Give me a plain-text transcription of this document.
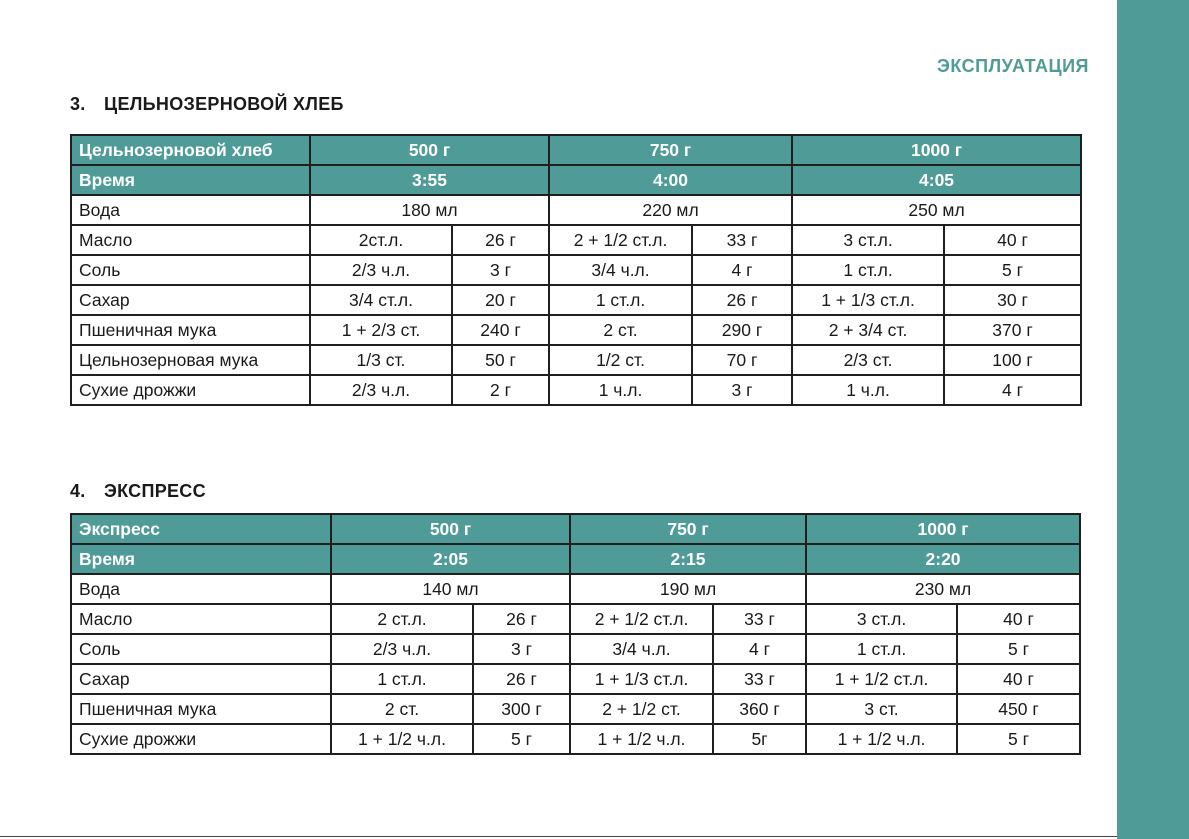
ЭКСПЛУАТАЦИЯ
3. ЦЕЛЬНОЗЕРНОВОЙ ХЛЕБ
Цельнозерновой хлеб	500 г		750 г		1000 г	
Время	3:55		4:00		4:05	
Вода	180 мл		220 мл		250 мл	
Масло	2ст.л.	26 г	2 + 1/2 ст.л.	33 г	3 ст.л.	40 г
Соль	2/3 ч.л.	3 г	3/4 ч.л.	4 г	1 ст.л.	5 г
Сахар	3/4 ст.л.	20 г	1 ст.л.	26 г	1 + 1/3 ст.л.	30 г
Пшеничная мука	1 + 2/3 ст.	240 г	2 ст.	290 г	2 + 3/4 ст.	370 г
Цельнозерновая мука	1/3 ст.	50 г	1/2 ст.	70 г	2/3 ст.	100 г
Сухие дрожжи	2/3 ч.л.	2 г	1 ч.л.	3 г	1 ч.л.	4 г
4. ЭКСПРЕСС
Экспресс	500 г		750 г		1000 г	
Время	2:05		2:15		2:20	
Вода	140 мл		190 мл		230 мл	
Масло	2 ст.л.	26 г	2 + 1/2 ст.л.	33 г	3 ст.л.	40 г
Соль	2/3 ч.л.	3 г	3/4 ч.л.	4 г	1 ст.л.	5 г
Сахар	1 ст.л.	26 г	1 + 1/3 ст.л.	33 г	1 + 1/2 ст.л.	40 г
Пшеничная мука	2 ст.	300 г	2 + 1/2 ст.	360 г	3 ст.	450 г
Сухие дрожжи	1 + 1/2 ч.л.	5 г	1 + 1/2 ч.л.	5г	1 + 1/2 ч.л.	5 г
